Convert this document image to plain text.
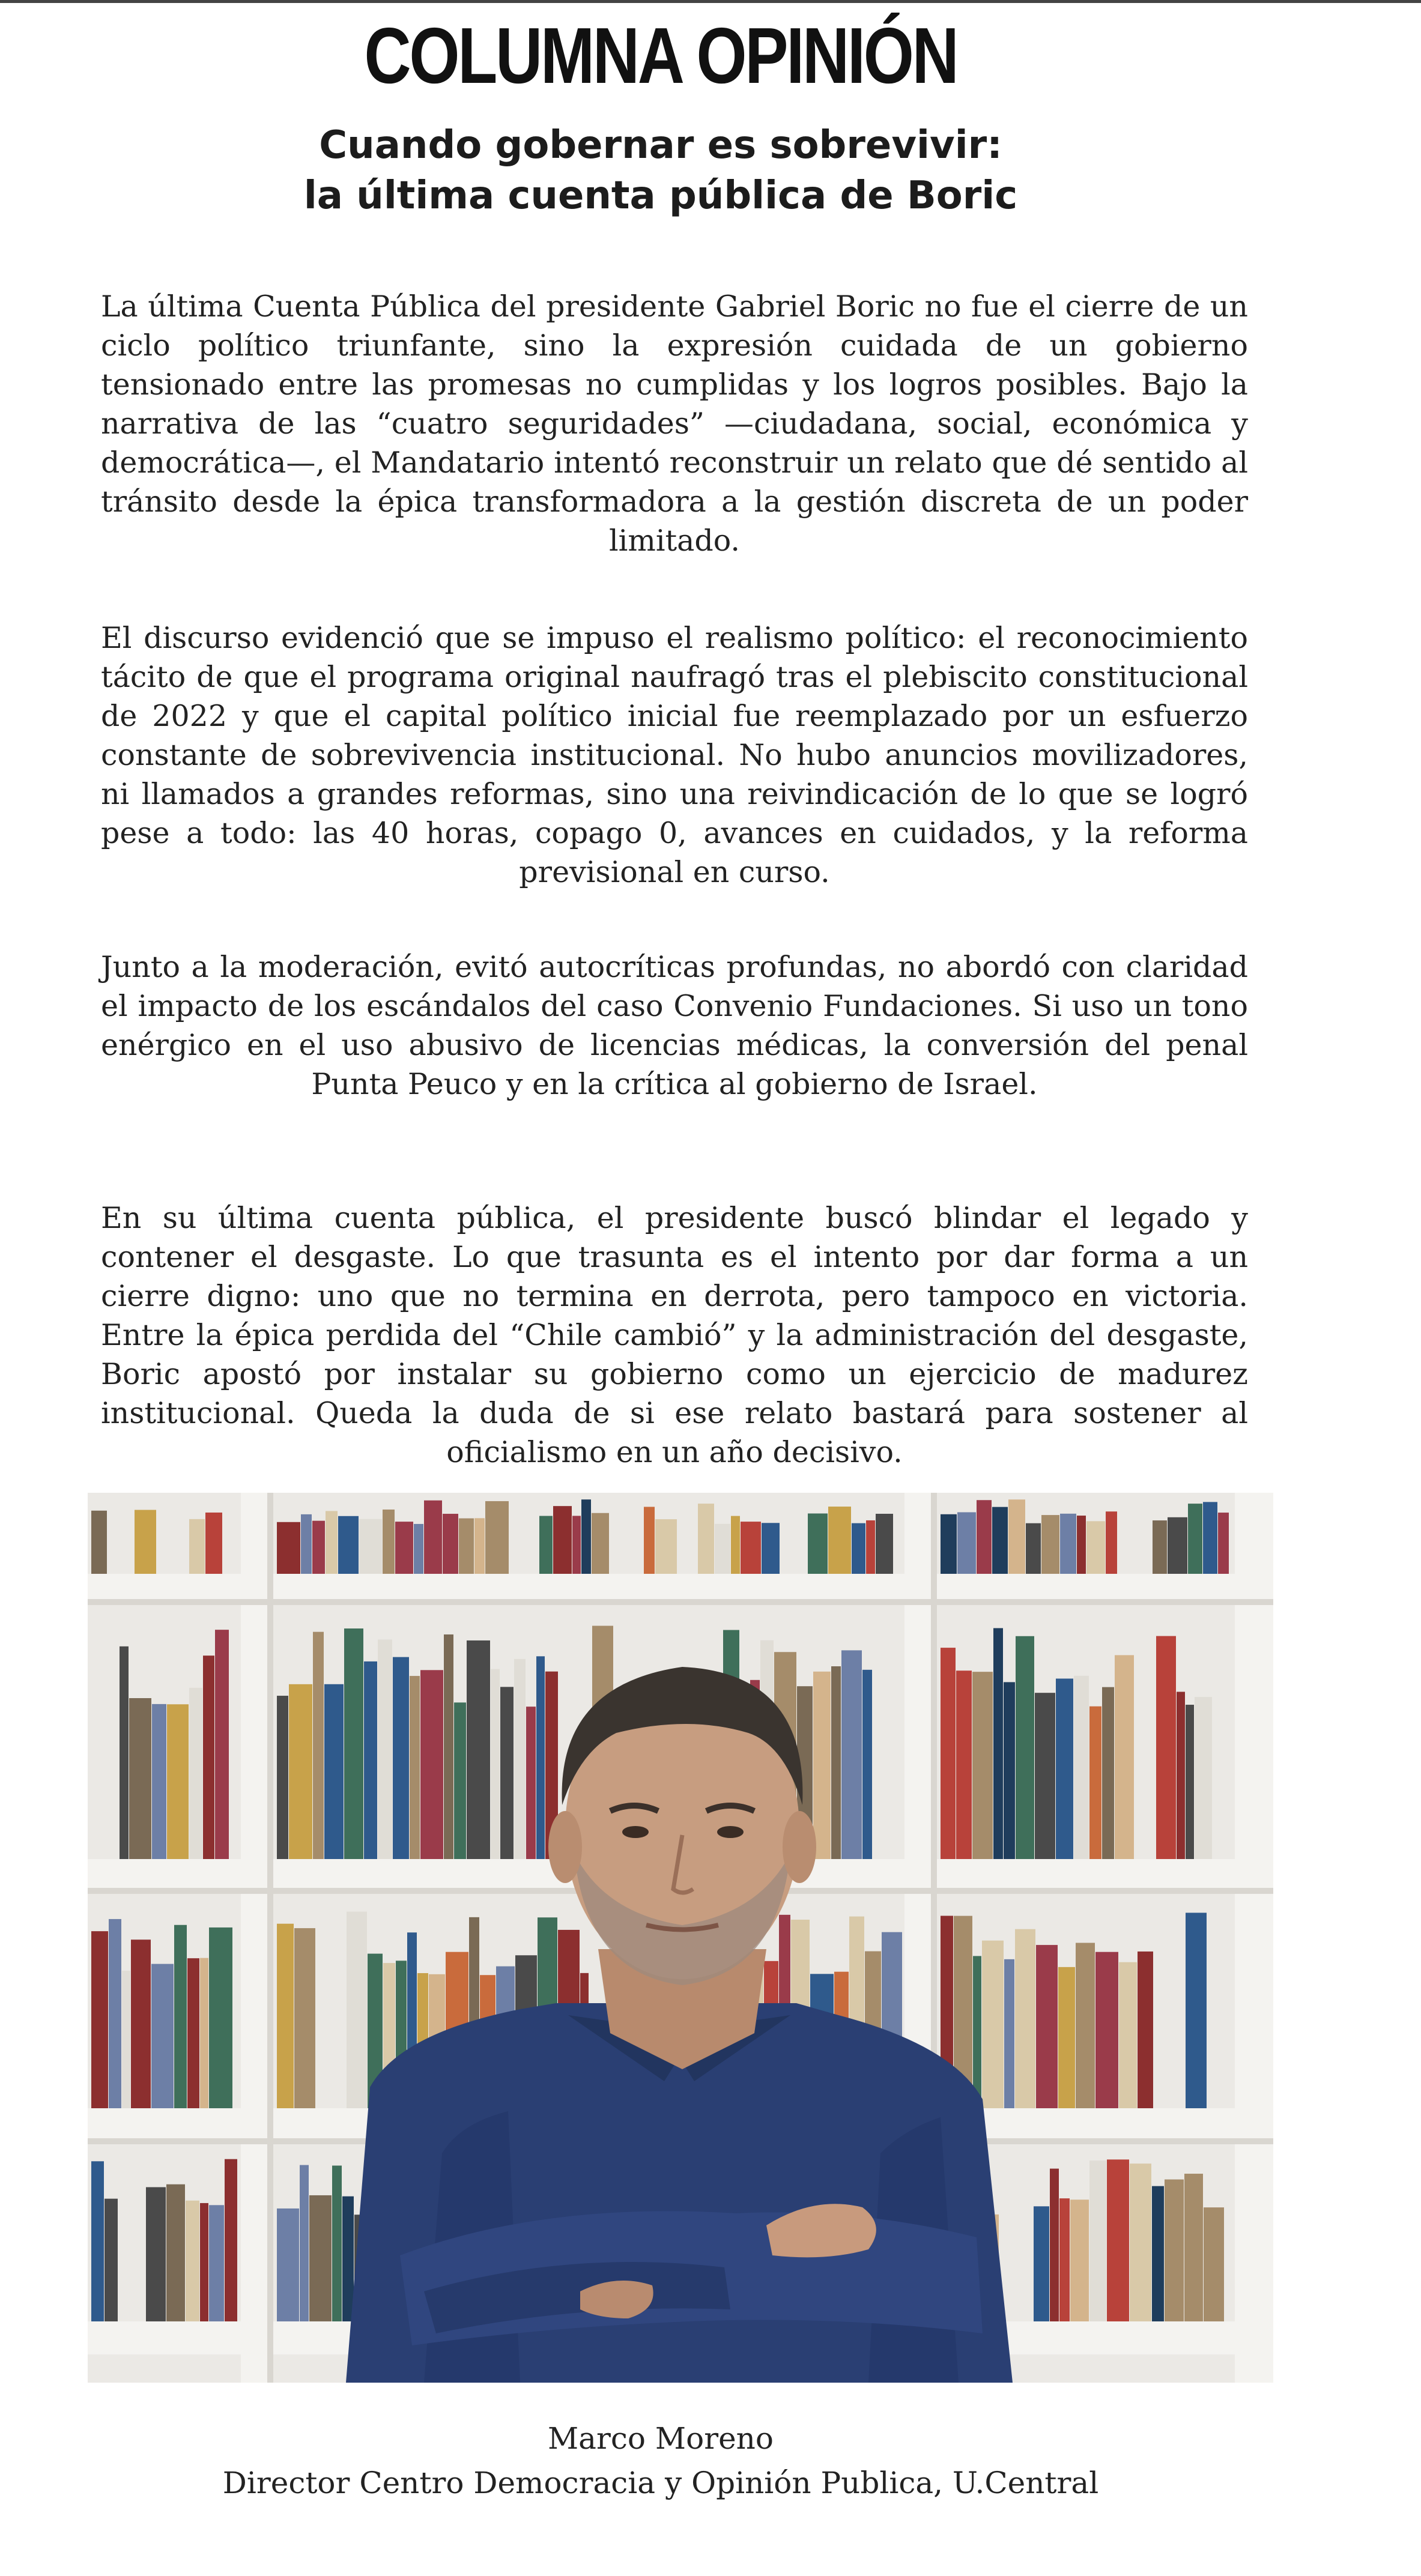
COLUMNA OPINIÓN
Cuando gobernar es sobrevivir:
la última cuenta pública de Boric

La última Cuenta Pública del presidente Gabriel Boric no fue el cierre de un ciclo político triunfante, sino la expresión cuidada de un gobierno tensionado entre las promesas no cumplidas y los logros posibles. Bajo la narrativa de las “cuatro seguridades” —ciudadana, social, económica y democrática—, el Mandatario intentó reconstruir un relato que dé sentido al tránsito desde la épica transformadora a la gestión discreta de un poder limitado.

El discurso evidenció que se impuso el realismo político: el reconocimiento tácito de que el programa original naufragó tras el plebiscito constitucional de 2022 y que el capital político inicial fue reemplazado por un esfuerzo constante de sobrevivencia institucional. No hubo anuncios movilizadores, ni llamados a grandes reformas, sino una reivindicación de lo que se logró pese a todo: las 40 horas, copago 0, avances en cuidados, y la reforma previsional en curso.

Junto a la moderación, evitó autocríticas profundas, no abordó con claridad el impacto de los escándalos del caso Convenio Fundaciones. Si uso un tono enérgico en el uso abusivo de licencias médicas, la conversión del penal Punta Peuco y en la crítica al gobierno de Israel.

En su última cuenta pública, el presidente buscó blindar el legado y contener el desgaste. Lo que trasunta es el intento por dar forma a un cierre digno: uno que no termina en derrota, pero tampoco en victoria. Entre la épica perdida del “Chile cambió” y la administración del desgaste, Boric apostó por instalar su gobierno como un ejercicio de madurez institucional. Queda la duda de si ese relato bastará para sostener al oficialismo en un año decisivo.

Marco Moreno
Director Centro Democracia y Opinión Publica, U.Central
